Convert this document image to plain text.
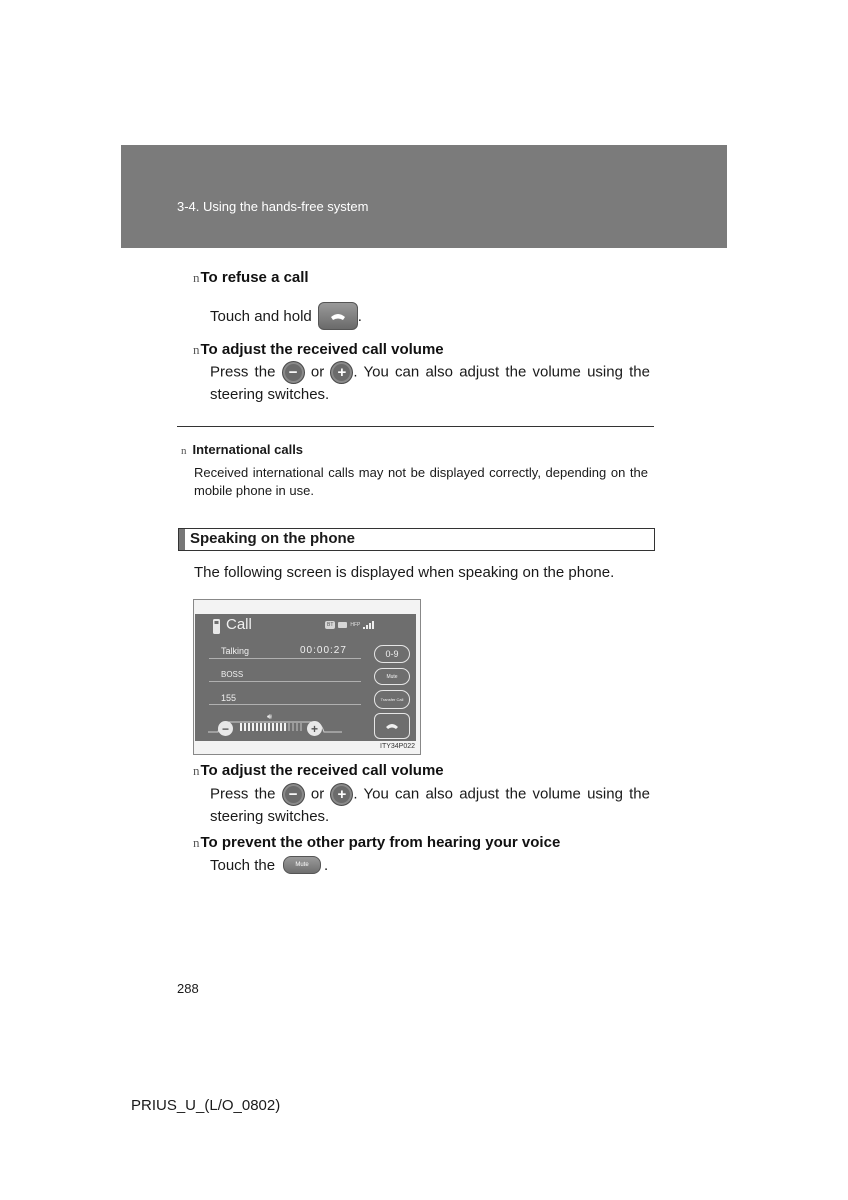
3-4. Using the hands-free system
nTo refuse a call
Touch and hold	.
nTo adjust the received call volume
Press the − or + . You can also adjust the volume using the steering switches.
n International calls
Received international calls may not be displayed correctly, depending on the mobile phone in use.
Speaking on the phone
The following screen is displayed when speaking on the phone.
Call	BT	HFP
Talking	00:00:27
BOSS
155
0-9
Mute
Transfer Call
🔊︎
−	+
ITY34P022
nTo adjust the received call volume
Press the − or + . You can also adjust the volume using the steering switches.
nTo prevent the other party from hearing your voice
Touch the	Mute	.
288
PRIUS_U_(L/O_0802)
